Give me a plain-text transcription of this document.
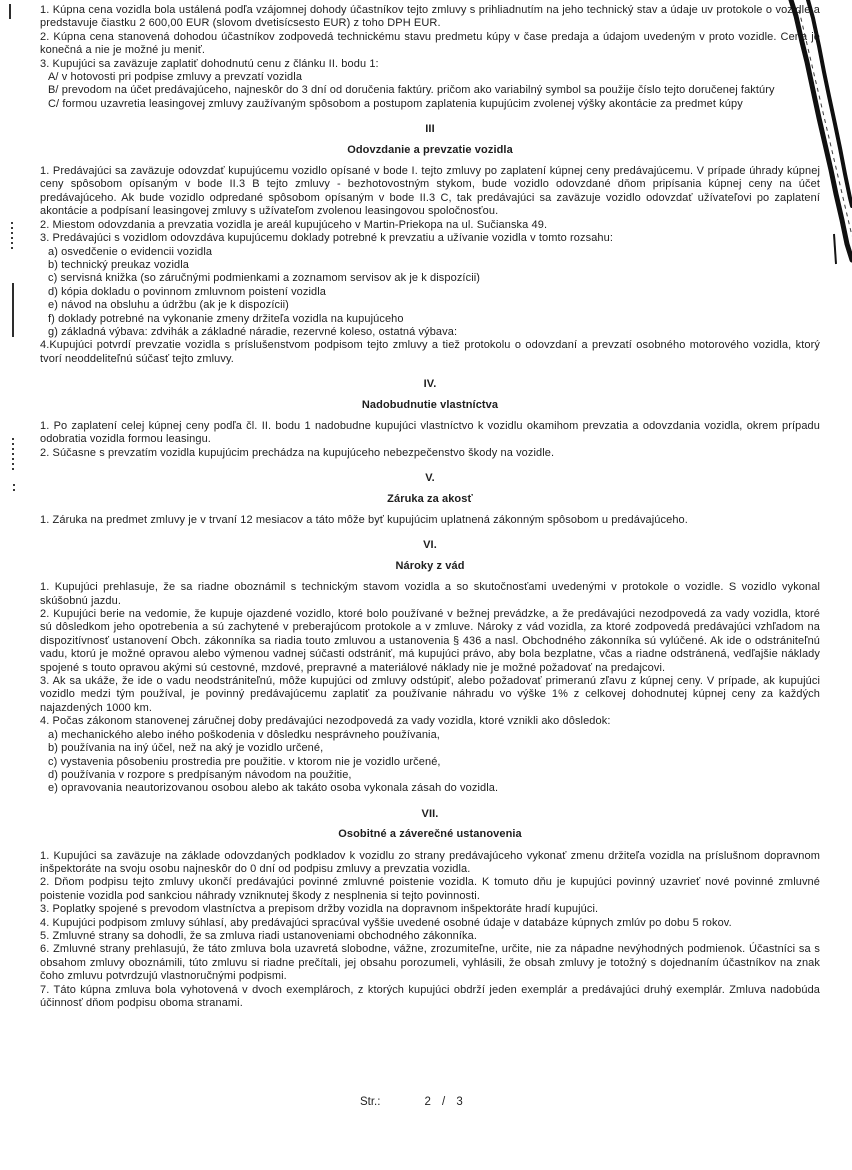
1. Kúpna cena vozidla bola ustálená podľa vzájomnej dohody účastníkov tejto zmluvy s prihliadnutím na jeho technický stav a údaje uv protokole o vozidle a predstavuje čiastku 2 600,00 EUR (slovom dvetisícsesto EUR) z toho DPH EUR.
2. Kúpna cena stanovená dohodou účastníkov zodpovedá technickému stavu predmetu kúpy v čase predaja a údajom uvedeným v proto vozidle. Cena je konečná a nie je možné ju meniť.
3. Kupujúci sa zaväzuje zaplatiť dohodnutú cenu z článku II. bodu 1:
A/ v hotovosti pri podpise zmluvy a prevzatí vozidla
B/ prevodom na účet predávajúceho, najneskôr do 3 dní od doručenia faktúry. pričom ako variabilný symbol sa použije číslo tejto doručenej faktúry
C/ formou uzavretia leasingovej zmluvy zaužívaným spôsobom a postupom zaplatenia kupujúcim zvolenej výšky akontácie za predmet kúpy
III
Odovzdanie a prevzatie vozidla
1. Predávajúci sa zaväzuje odovzdať kupujúcemu vozidlo opísané v bode I. tejto zmluvy po zaplatení kúpnej ceny predávajúcemu. V prípade úhrady kúpnej ceny spôsobom opísaným v bode II.3 B tejto zmluvy - bezhotovostným stykom, bude vozidlo odovzdané dňom pripísania kúpnej ceny na účet predávajúceho. Ak bude vozidlo odpredané spôsobom opísaným v bode II.3 C, tak predávajúci sa zaväzuje vozidlo odovzdať užívateľovi po zaplatení akontácie a podpísaní leasingovej zmluvy s užívateľom zvolenou leasingovou spoločnosťou.
2. Miestom odovzdania a prevzatia vozidla je areál kupujúceho v Martin-Priekopa na ul. Sučianska 49.
3. Predávajúci s vozidlom odovzdáva kupujúcemu doklady potrebné k prevzatiu a užívanie vozidla v tomto rozsahu:
a) osvedčenie o evidencii vozidla
b) technický preukaz vozidla
c) servisná knižka (so záručnými podmienkami a zoznamom servisov ak je k dispozícii)
d) kópia dokladu o povinnom zmluvnom poistení vozidla
e) návod na obsluhu a údržbu (ak je k dispozícii)
f) doklady potrebné na vykonanie zmeny držiteľa vozidla na kupujúceho
g) základná výbava: zdvihák a základné náradie, rezervné koleso, ostatná výbava:
4.Kupujúci potvrdí prevzatie vozidla s príslušenstvom podpisom tejto zmluvy a tiež protokolu o odovzdaní a prevzatí osobného motorového vozidla, ktorý tvorí neoddeliteľnú súčasť tejto zmluvy.
IV.
Nadobudnutie vlastníctva
1. Po zaplatení celej kúpnej ceny podľa čl. II. bodu 1 nadobudne kupujúci vlastníctvo k vozidlu okamihom prevzatia a odovzdania vozidla, okrem prípadu odobratia vozidla formou leasingu.
2. Súčasne s prevzatím vozidla kupujúcim prechádza na kupujúceho nebezpečenstvo škody na vozidle.
V.
Záruka za akosť
1. Záruka na predmet zmluvy je v trvaní 12 mesiacov a táto môže byť kupujúcim uplatnená zákonným spôsobom u predávajúceho.
VI.
Nároky z vád
1. Kupujúci prehlasuje, že sa riadne oboznámil s technickým stavom vozidla a so skutočnosťami uvedenými v protokole o vozidle. S vozidlo vykonal skúšobnú jazdu.
2. Kupujúci berie na vedomie, že kupuje ojazdené vozidlo, ktoré bolo používané v bežnej prevádzke, a že predávajúci nezodpovedá za vady vozidla, ktoré sú dôsledkom jeho opotrebenia a sú zachytené v preberajúcom protokole a v zmluve. Nároky z vád vozidla, za ktoré zodpovedá predávajúci vzhľadom na dispozitívnosť ustanovení Obch. zákonníka sa riadia touto zmluvou a ustanovenia § 436 a nasl. Obchodného zákonníka sú vylúčené. Ak ide o odstrániteľnú vadu, ktorú je možné opravou alebo výmenou vadnej súčasti odstrániť, má kupujúci právo, aby bola bezplatne, včas a riadne odstránená, vedľajšie náklady spojené s touto opravou akými sú cestovné, mzdové, prepravné a materiálové náklady nie je možné požadovať na predajcovi.
3. Ak sa ukáže, že ide o vadu neodstrániteľnú, môže kupujúci od zmluvy odstúpiť, alebo požadovať primeranú zľavu z kúpnej ceny. V prípade, ak kupujúci vozidlo medzi tým používal, je povinný predávajúcemu zaplatiť za používanie náhradu vo výške 1% z celkovej dohodnutej kúpnej ceny za každých najazdených 1000 km.
4. Počas zákonom stanovenej záručnej doby predávajúci nezodpovedá za vady vozidla, ktoré vznikli ako dôsledok:
a) mechanického alebo iného poškodenia v dôsledku nesprávneho používania,
b) používania na iný účel, než na aký je vozidlo určené,
c) vystavenia pôsobeniu prostredia pre použitie. v ktorom nie je vozidlo určené,
d) používania v rozpore s predpísaným návodom na použitie,
e) opravovania neautorizovanou osobou alebo ak takáto osoba vykonala zásah do vozidla.
VII.
Osobitné a záverečné ustanovenia
1. Kupujúci sa zaväzuje na základe odovzdaných podkladov k vozidlu zo strany predávajúceho vykonať zmenu držiteľa vozidla na príslušnom dopravnom inšpektoráte na svoju osobu najneskôr do 0 dní od podpisu zmluvy a prevzatia vozidla.
2. Dňom podpisu tejto zmluvy ukončí predávajúci povinné zmluvné poistenie vozidla. K tomuto dňu je kupujúci povinný uzavrieť nové povinné zmluvné poistenie vozidla pod sankciou náhrady vzniknutej škody z nesplnenia si tejto povinnosti.
3. Poplatky spojené s prevodom vlastníctva a prepisom držby vozidla na dopravnom inšpektoráte hradí kupujúci.
4. Kupujúci podpisom zmluvy súhlasí, aby predávajúci spracúval vyššie uvedené osobné údaje v databáze kúpnych zmlúv po dobu 5 rokov.
5. Zmluvné strany sa dohodli, že sa zmluva riadi ustanoveniami obchodného zákonníka.
6. Zmluvné strany prehlasujú, že táto zmluva bola uzavretá slobodne, vážne, zrozumiteľne, určite, nie za nápadne nevýhodných podmienok. Účastníci sa s obsahom zmluvy oboznámili, túto zmluvu si riadne prečítali, jej obsahu porozumeli, vyhlásili, že obsah zmluvy je totožný s dojednaním účastníkov na znak čoho zmluvu potvrdzujú vlastnoručnými podpismi.
7. Táto kúpna zmluva bola vyhotovená v dvoch exemplároch, z ktorých kupujúci obdrží jeden exemplár a predávajúci druhý exemplár. Zmluva nadobúda účinnosť dňom podpisu oboma stranami.
Str.:	2 / 3
